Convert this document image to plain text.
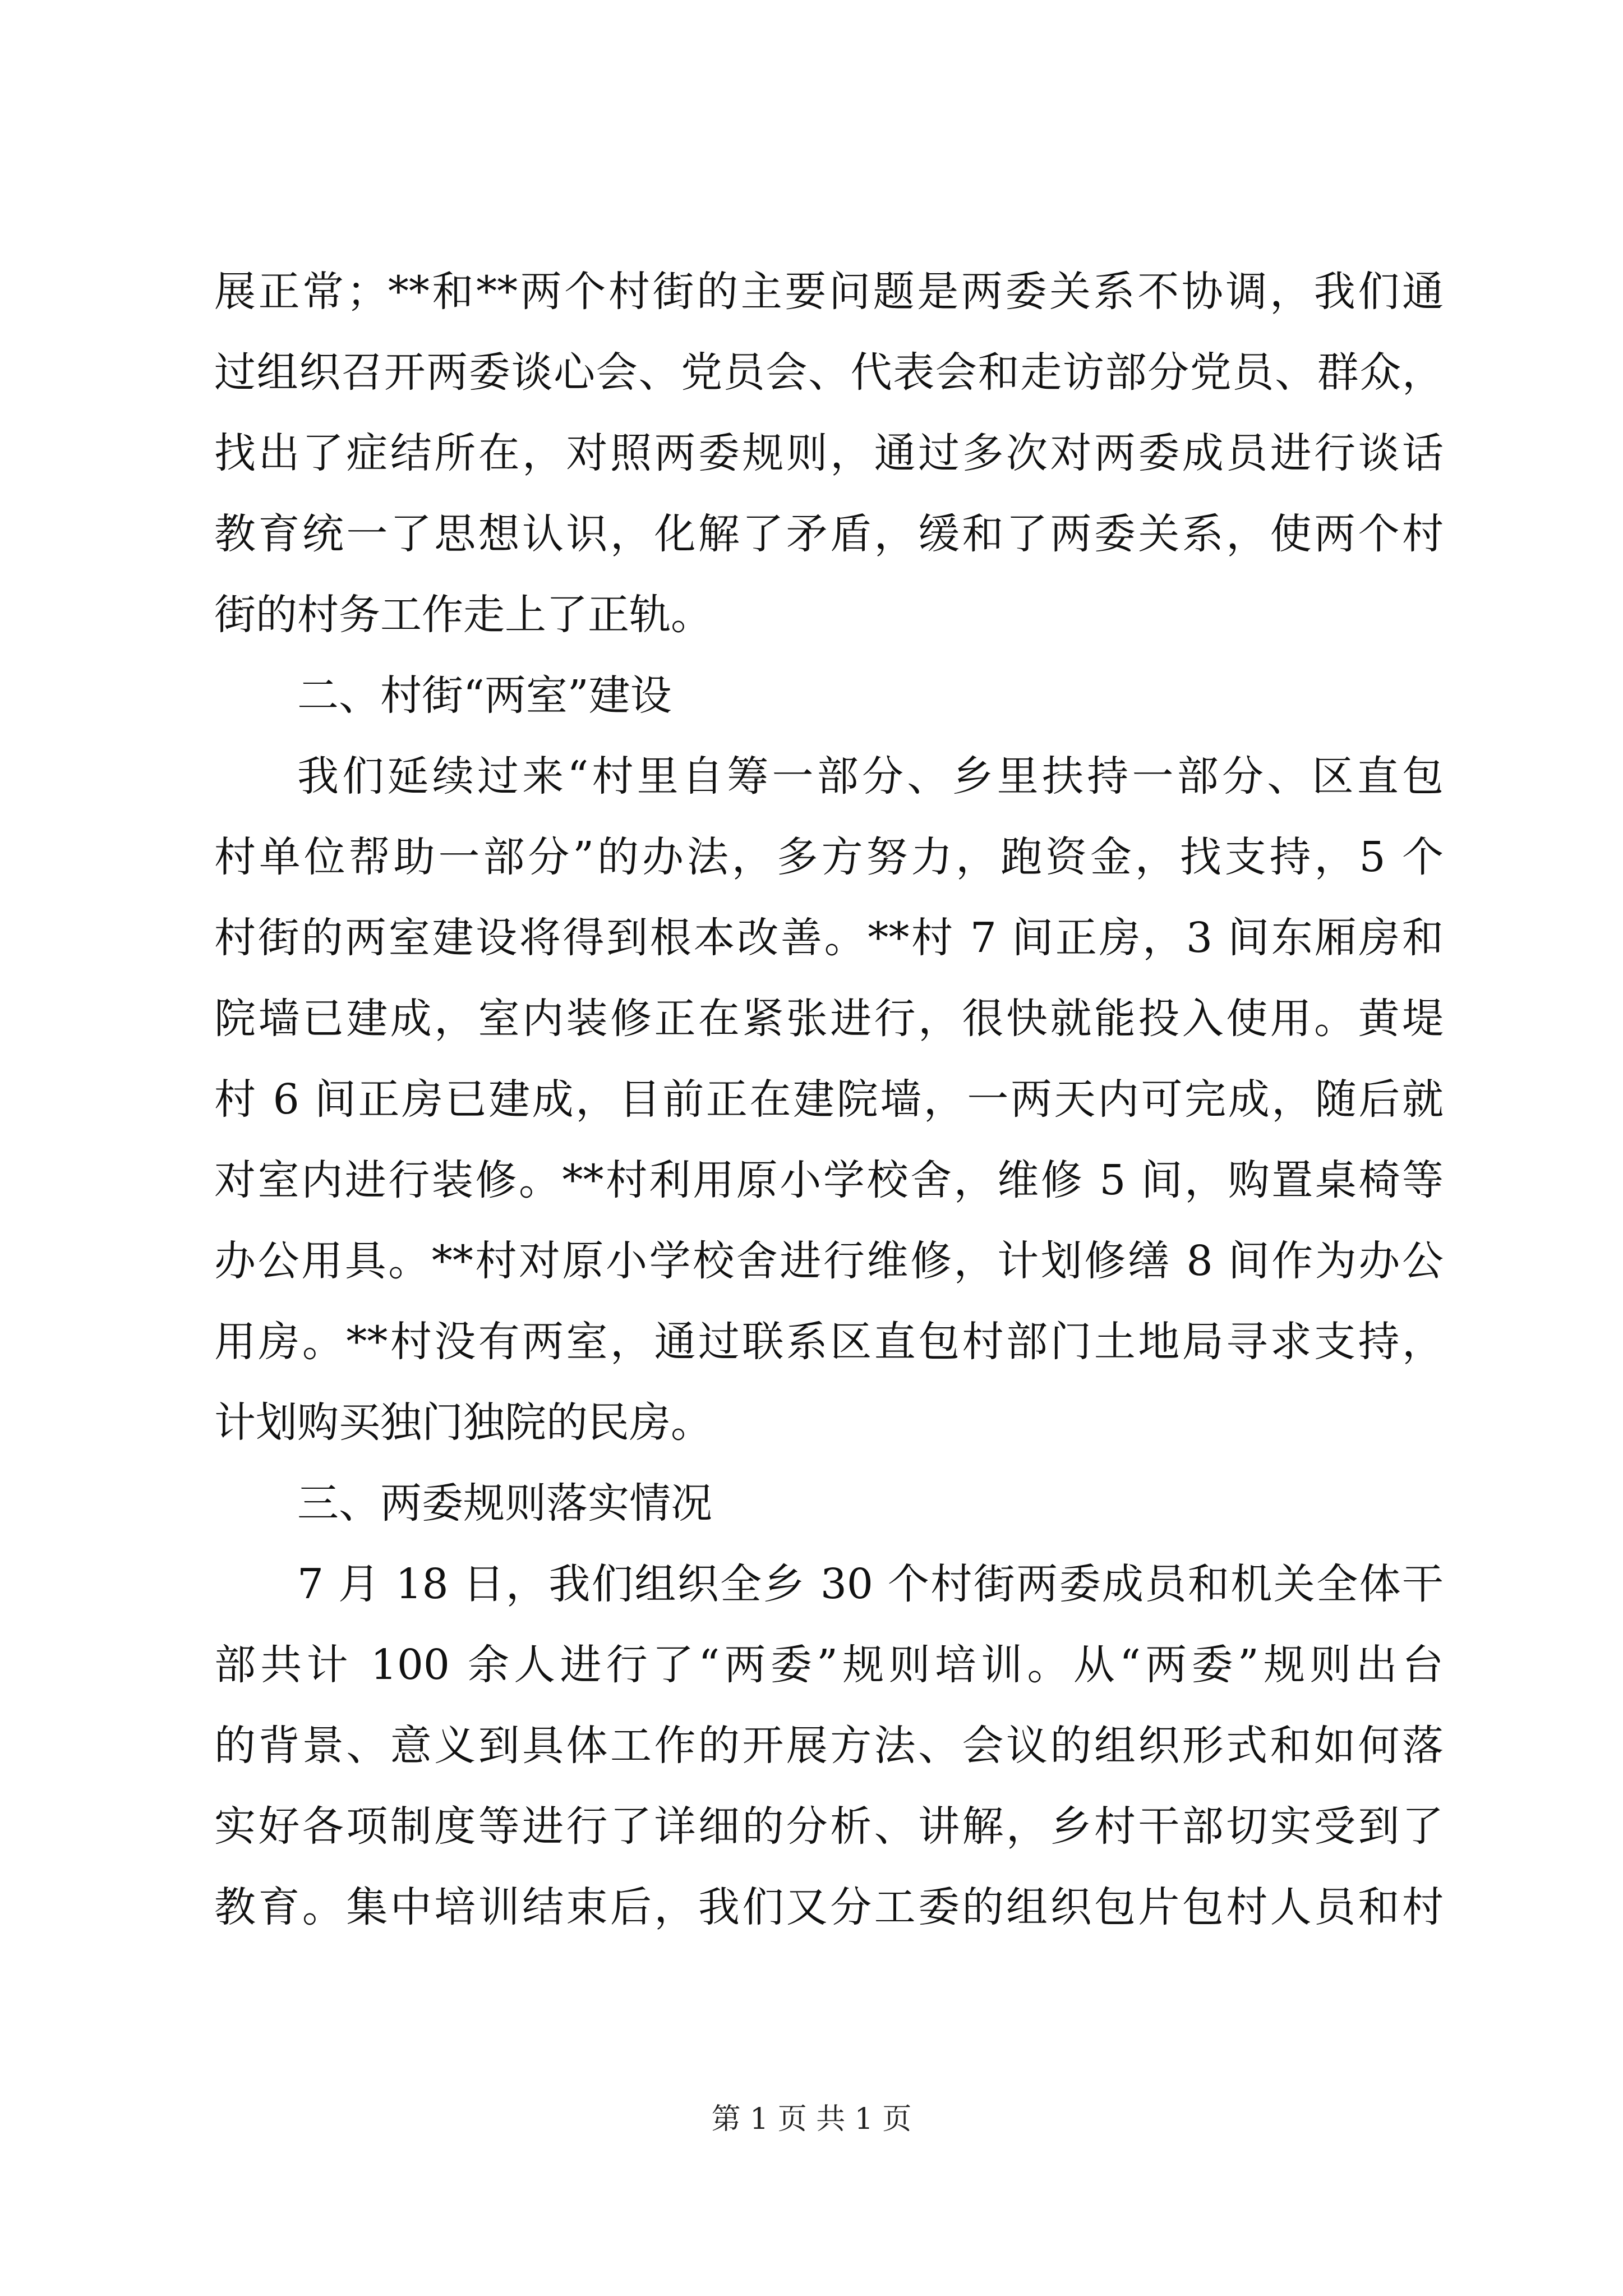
展正常；**和**两个村街的主要问题是两委关系不协调，我们通
过组织召开两委谈心会、党员会、代表会和走访部分党员、群众，
找出了症结所在，对照两委规则，通过多次对两委成员进行谈话
教育统一了思想认识，化解了矛盾，缓和了两委关系，使两个村
街的村务工作走上了正轨。
二、村街“两室”建设
我们延续过来“村里自筹一部分、乡里扶持一部分、区直包
村单位帮助一部分”的办法，多方努力，跑资金，找支持，5 个
村街的两室建设将得到根本改善。**村 7 间正房，3 间东厢房和
院墙已建成，室内装修正在紧张进行，很快就能投入使用。黄堤
村 6 间正房已建成，目前正在建院墙，一两天内可完成，随后就
对室内进行装修。**村利用原小学校舍，维修 5 间，购置桌椅等
办公用具。**村对原小学校舍进行维修，计划修缮 8 间作为办公
用房。**村没有两室，通过联系区直包村部门土地局寻求支持，
计划购买独门独院的民房。
三、两委规则落实情况
7 月 18 日，我们组织全乡 30 个村街两委成员和机关全体干
部共计 100 余人进行了“两委”规则培训。从“两委”规则出台
的背景、意义到具体工作的开展方法、会议的组织形式和如何落
实好各项制度等进行了详细的分析、讲解，乡村干部切实受到了
教育。集中培训结束后，我们又分工委的组织包片包村人员和村
第 1 页 共 1 页
